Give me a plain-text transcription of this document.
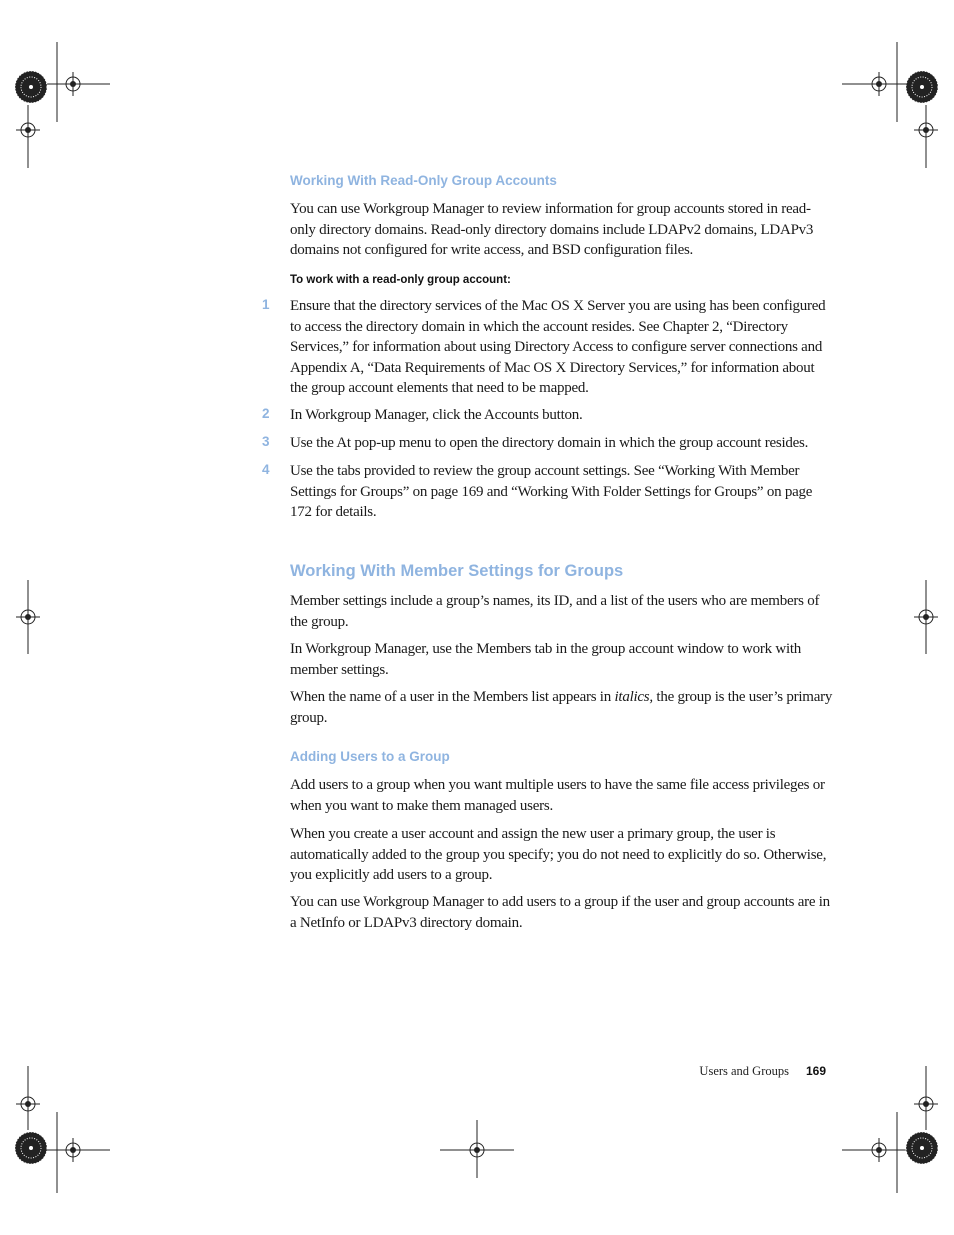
Working With Read-Only Group Accounts
You can use Workgroup Manager to review information for group accounts stored in read-only directory domains. Read-only directory domains include LDAPv2 domains, LDAPv3 domains not configured for write access, and BSD configuration files.
To work with a read-only group account:
1	Ensure that the directory services of the Mac OS X Server you are using has been configured to access the directory domain in which the account resides. See Chapter 2, “Directory Services,” for information about using Directory Access to configure server connections and Appendix A, “Data Requirements of Mac OS X Directory Services,” for information about the group account elements that need to be mapped.
2	In Workgroup Manager, click the Accounts button.
3	Use the At pop-up menu to open the directory domain in which the group account resides.
4	Use the tabs provided to review the group account settings. See “Working With Member Settings for Groups” on page 169 and “Working With Folder Settings for Groups” on page 172 for details.
Working With Member Settings for Groups
Member settings include a group’s names, its ID, and a list of the users who are members of the group.
In Workgroup Manager, use the Members tab in the group account window to work with member settings.
When the name of a user in the Members list appears in italics, the group is the user’s primary group.
Adding Users to a Group
Add users to a group when you want multiple users to have the same file access privileges or when you want to make them managed users.
When you create a user account and assign the new user a primary group, the user is automatically added to the group you specify; you do not need to explicitly do so. Otherwise, you explicitly add users to a group.
You can use Workgroup Manager to add users to a group if the user and group accounts are in a NetInfo or LDAPv3 directory domain.
Users and Groups 169
